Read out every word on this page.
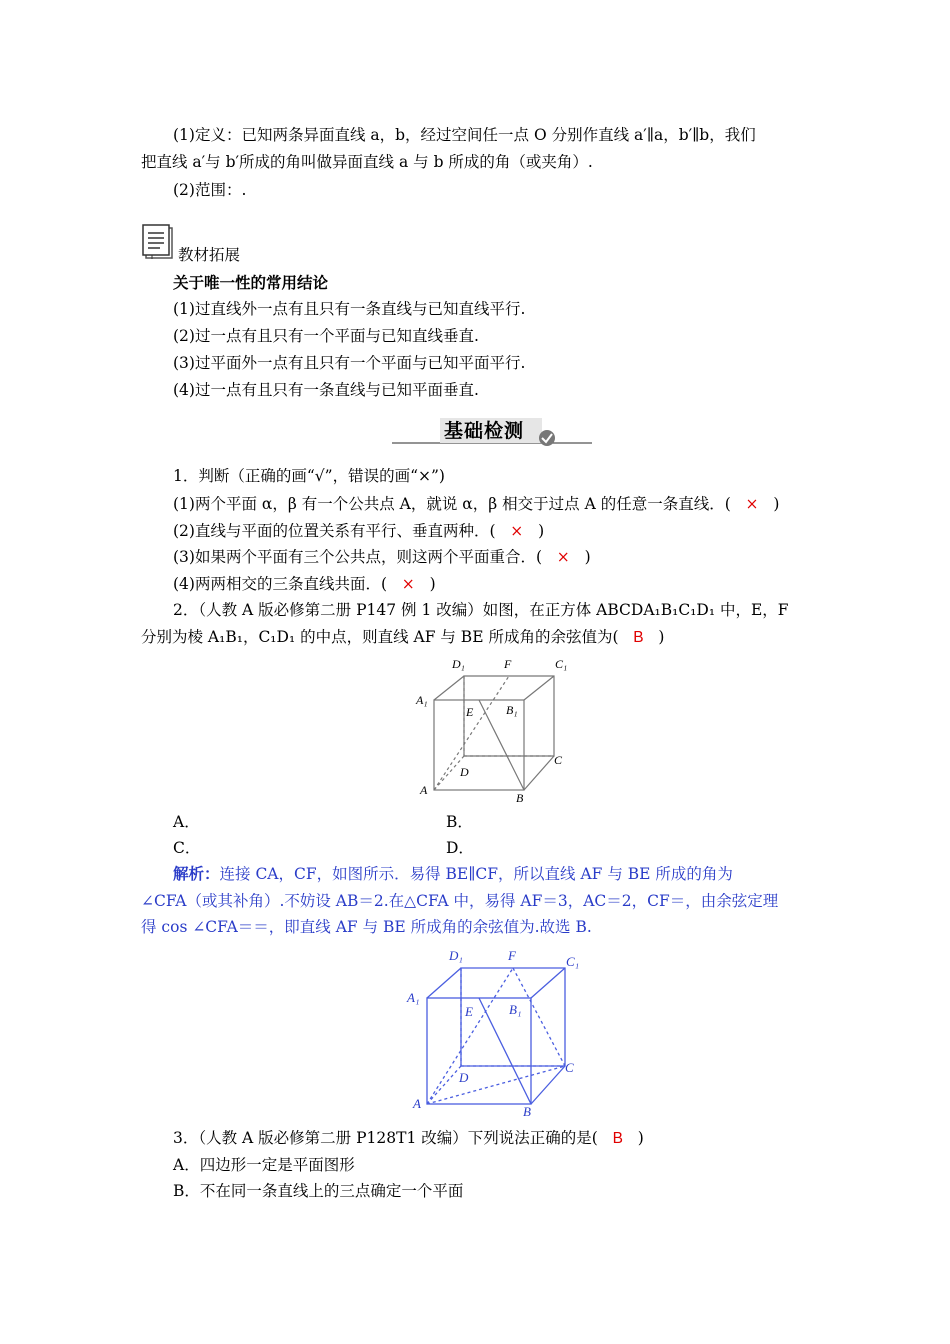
(1)定义：已知两条异面直线 a，b，经过空间任一点 O 分别作直线 a′∥a，b′∥b，我们
把直线 a′与 b′所成的角叫做异面直线 a 与 b 所成的角（或夹角）.
(2)范围：.
教材拓展
关于唯一性的常用结论
(1)过直线外一点有且只有一条直线与已知直线平行.
(2)过一点有且只有一个平面与已知直线垂直.
(3)过平面外一点有且只有一个平面与已知平面平行.
(4)过一点有且只有一条直线与已知平面垂直.
基础检测
1．判断（正确的画“√”，错误的画“×”)
(1)两个平面 α，β 有一个公共点 A，就说 α，β 相交于过点 A 的任意一条直线．( × )
(2)直线与平面的位置关系有平行、垂直两种．( × )
(3)如果两个平面有三个公共点，则这两个平面重合．( × )
(4)两两相交的三条直线共面．( × )
2．（人教 A 版必修第二册 P147 例 1 改编）如图，在正方体 ABCDA₁B₁C₁D₁ 中，E，F
分别为棱 A₁B₁，C₁D₁ 的中点，则直线 AF 与 BE 所成角的余弦值为( B )
D₁	F	C₁
A₁
E	B₁
D
C
A
B
A．	B．
C．	D．
解析：连接 CA，CF，如图所示．易得 BE∥CF，所以直线 AF 与 BE 所成的角为
∠CFA（或其补角）.不妨设 AB＝2.在△CFA 中，易得 AF＝3，AC＝2，CF＝，由余弦定理
得 cos ∠CFA＝＝，即直线 AF 与 BE 所成角的余弦值为.故选 B.
D₁	F	C₁
A₁
E	B₁
D
C
A
B
3．（人教 A 版必修第二册 P128T1 改编）下列说法正确的是( B )
A．四边形一定是平面图形
B．不在同一条直线上的三点确定一个平面
